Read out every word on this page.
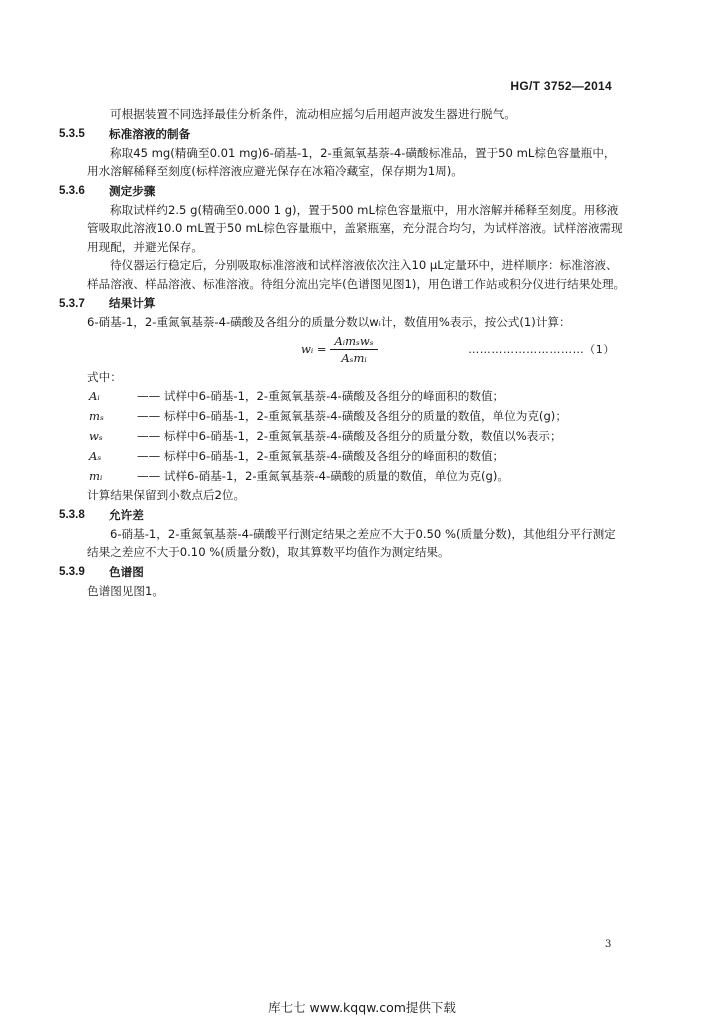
HG/T 3752—2014

可根据装置不同选择最佳分析条件，流动相应摇匀后用超声波发生器进行脱气。

5.3.5	标准溶液的制备

称取45 mg(精确至0.01 mg)6-硝基-1，2-重氮氧基萘-4-磺酸标准品，置于50 mL棕色容量瓶中，用水溶解稀释至刻度(标样溶液应避光保存在冰箱冷藏室，保存期为1周)。

5.3.6	测定步骤

称取试样约2.5 g(精确至0.000 1 g)，置于500 mL棕色容量瓶中，用水溶解并稀释至刻度。用移液管吸取此溶液10.0 mL置于50 mL棕色容量瓶中，盖紧瓶塞，充分混合均匀，为试样溶液。试样溶液需现用现配，并避光保存。

待仪器运行稳定后，分别吸取标准溶液和试样溶液依次注入10 μL定量环中，进样顺序：标准溶液、样品溶液、样品溶液、标准溶液。待组分流出完毕(色谱图见图1)，用色谱工作站或积分仪进行结果处理。

5.3.7	结果计算

6-硝基-1，2-重氮氧基萘-4-磺酸及各组分的质量分数以wᵢ计，数值用%表示，按公式(1)计算：

wᵢ = $\frac{\text{Aᵢmₛwₛ}}{\text{Aₛmᵢ}}$	…………………………（1）

式中：

Aᵢ	—— 试样中6-硝基-1，2-重氮氧基萘-4-磺酸及各组分的峰面积的数值；
mₛ	—— 标样中6-硝基-1，2-重氮氧基萘-4-磺酸及各组分的质量的数值，单位为克(g)；
wₛ	—— 标样中6-硝基-1，2-重氮氧基萘-4-磺酸及各组分的质量分数，数值以%表示；
Aₛ	—— 标样中6-硝基-1，2-重氮氧基萘-4-磺酸及各组分的峰面积的数值；
mᵢ	—— 试样6-硝基-1，2-重氮氧基萘-4-磺酸的质量的数值，单位为克(g)。

计算结果保留到小数点后2位。

5.3.8	允许差

6-硝基-1，2-重氮氧基萘-4-磺酸平行测定结果之差应不大于0.50 %(质量分数)，其他组分平行测定结果之差应不大于0.10 %(质量分数)，取其算数平均值作为测定结果。

5.3.9	色谱图

色谱图见图1。

3
库七七 www.kqqw.com提供下载
